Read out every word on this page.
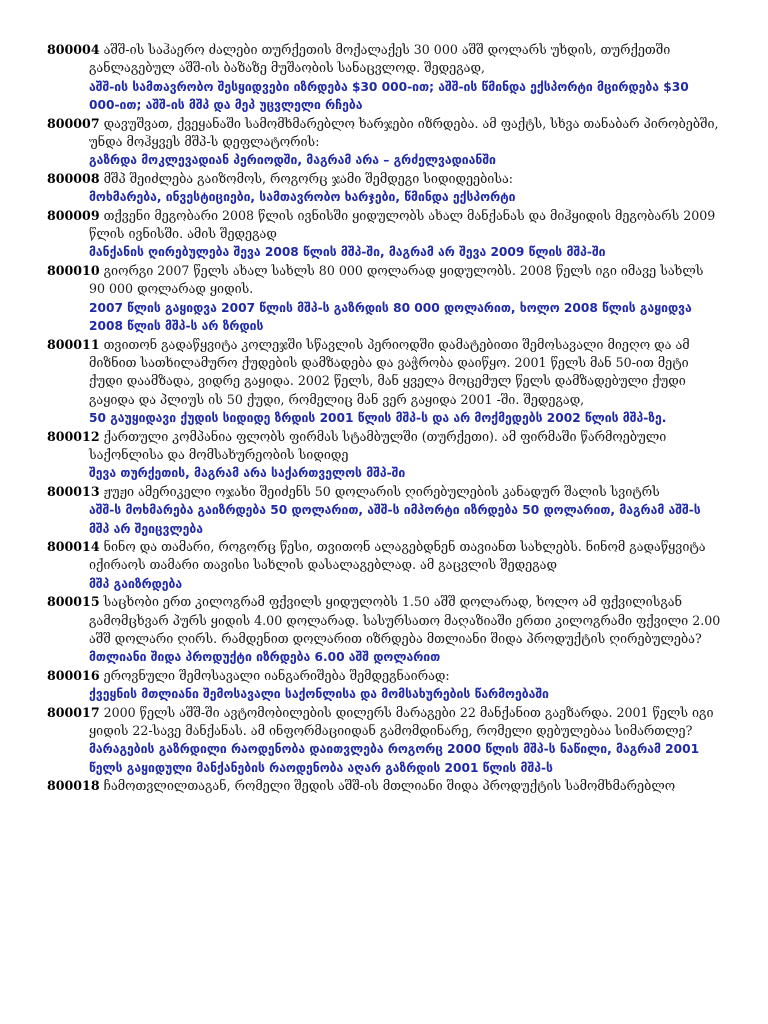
800004 აშშ-ის საჰაერო ძალები თურქეთის მოქალაქეს 30 000 აშშ დოლარს უხდის, თურქეთში განლაგებულ აშშ-ის ბაზაზე მუშაობის სანაცვლოდ. შედეგად,

აშშ-ის სამთავრობო შესყიდვები იზრდება $30 000-ით; აშშ-ის წმინდა ექსპორტი მცირდება $30 000-ით; აშშ-ის მშპ და მეპ უცვლელი რჩება

800007 დავუშვათ, ქვეყანაში სამომხმარებლო ხარჯები იზრდება. ამ ფაქტს, სხვა თანაბარ პირობებში, უნდა მოჰყვეს მშპ-ს დეფლატორის:

გაზრდა მოკლევადიან პერიოდში, მაგრამ არა – გრძელვადიანში

800008 მშპ შეიძლება გაიზომოს, როგორც ჯამი შემდეგი სიდიდეებისა:

მოხმარება, ინვესტიციები, სამთავრობო ხარჯები, წმინდა ექსპორტი

800009 თქვენი მეგობარი 2008 წლის ივნისში ყიდულობს ახალ მანქანას და მიჰყიდის მეგობარს 2009 წლის ივნისში. ამის შედეგად

მანქანის ღირებულება შევა 2008 წლის მშპ-ში, მაგრამ არ შევა 2009 წლის მშპ-ში

800010 გიორგი 2007 წელს ახალ სახლს 80 000 დოლარად ყიდულობს. 2008 წელს იგი იმავე სახლს 90 000 დოლარად ყიდის.

2007 წლის გაყიდვა 2007 წლის მშპ-ს გაზრდის 80 000 დოლარით, ხოლო 2008 წლის გაყიდვა 2008 წლის მშპ-ს არ ზრდის

800011 თვითონ გადაწყვიტა კოლეჯში სწავლის პერიოდში დამატებითი შემოსავალი მიეღო და ამ მიზნით სათხილამურო ქუდების დამზადება და ვაჭრობა დაიწყო. 2001 წელს მან 50-ით მეტი ქუდი დაამზადა, ვიდრე გაყიდა. 2002 წელს, მან ყველა მოცემულ წელს დამზადებული ქუდი გაყიდა და პლიუს ის 50 ქუდი, რომელიც მან ვერ გაყიდა 2001 -ში. შედეგად,

50 გაუყიდავი ქუდის სიდიდე ზრდის 2001 წლის მშპ-ს და არ მოქმედებს 2002 წლის მშპ-ზე.

800012 ქართული კომპანია ფლობს ფირმას სტამბულში (თურქეთი). ამ ფირმაში წარმოებული საქონლისა და მომსახურეობის სიდიდე

შევა თურქეთის, მაგრამ არა საქართველოს მშპ-ში

800013 ჟუჟი ამერიკელი ოჯახი შეიძენს 50 დოლარის ღირებულების კანადურ შალის სვიტრს

აშშ-ს მოხმარება გაიზრდება 50 დოლარით, აშშ-ს იმპორტი იზრდება 50 დოლარით, მაგრამ აშშ-ს მშპ არ შეიცვლება

800014 ნინო და თამარი, როგორც წესი, თვითონ ალაგებდნენ თავიანთ სახლებს. ნინომ გადაწყვიტა იქირაოს თამარი თავისი სახლის დასალაგებლად. ამ გაცვლის შედეგად

მშპ გაიზრდება

800015 საცხობი ერთ კილოგრამ ფქვილს ყიდულობს 1.50 აშშ დოლარად, ხოლო ამ ფქვილისგან გამომცხვარ პურს ყიდის 4.00 დოლარად. სასურსათო მაღაზიაში ერთი კილოგრამი ფქვილი 2.00 აშშ დოლარი ღირს. რამდენით დოლარით იზრდება მთლიანი შიდა პროდუქტის ღირებულება?

მთლიანი შიდა პროდუქტი იზრდება 6.00 აშშ დოლარით

800016 ეროვნული შემოსავალი იანგარიშება შემდეგნაირად:

ქვეყნის მთლიანი შემოსავალი საქონლისა და მომსახურების წარმოებაში

800017 2000 წელს აშშ-ში ავტომობილების დილერს მარაგები 22 მანქანით გაეზარდა. 2001 წელს იგი ყიდის 22-სავე მანქანას. ამ ინფორმაციიდან გამომდინარე, რომელი დებულებაა სიმართლე?

მარაგების გაზრდილი რაოდენობა დაითვლება როგორც 2000 წლის მშპ-ს ნაწილი, მაგრამ 2001 წელს გაყიდული მანქანების რაოდენობა აღარ გაზრდის 2001 წლის მშპ-ს

800018 ჩამოთვლილთაგან, რომელი შედის აშშ-ის მთლიანი შიდა პროდუქტის სამომხმარებლო
